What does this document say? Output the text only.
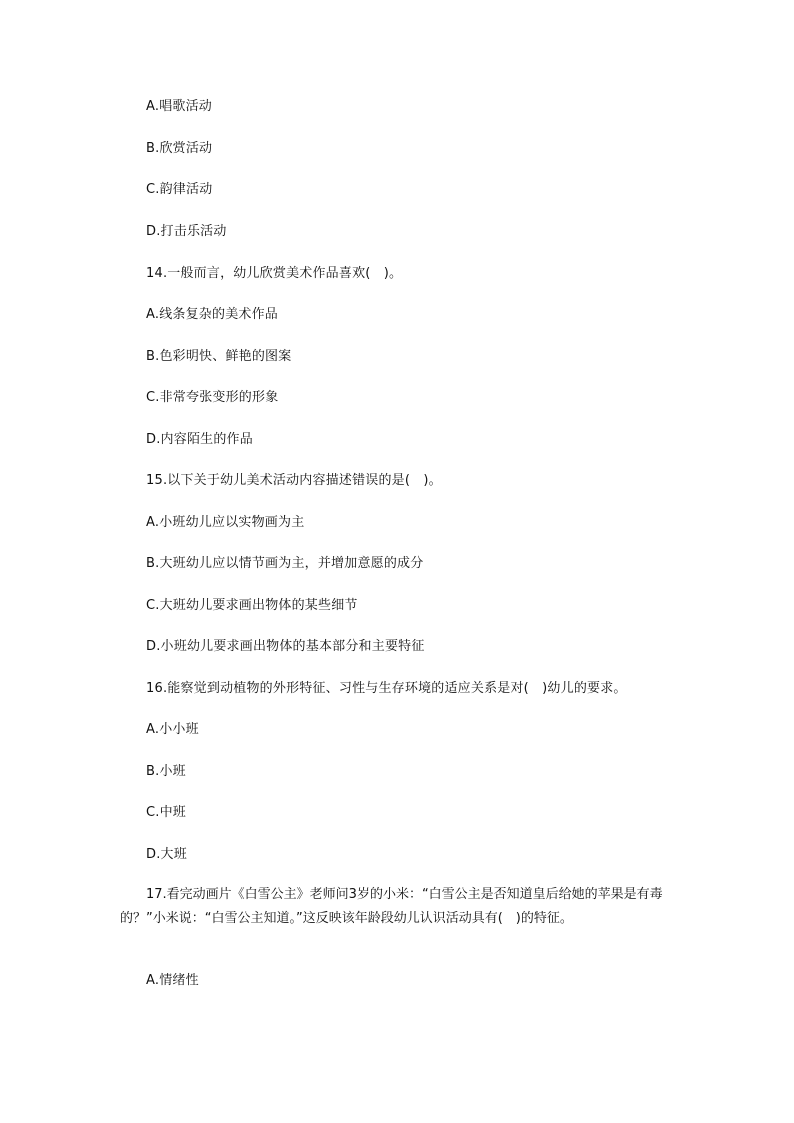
A.唱歌活动
B.欣赏活动
C.韵律活动
D.打击乐活动
14.一般而言，幼儿欣赏美术作品喜欢(　)。
A.线条复杂的美术作品
B.色彩明快、鲜艳的图案
C.非常夸张变形的形象
D.内容陌生的作品
15.以下关于幼儿美术活动内容描述错误的是(　)。
A.小班幼儿应以实物画为主
B.大班幼儿应以情节画为主，并增加意愿的成分
C.大班幼儿要求画出物体的某些细节
D.小班幼儿要求画出物体的基本部分和主要特征
16.能察觉到动植物的外形特征、习性与生存环境的适应关系是对(　)幼儿的要求。
A.小小班
B.小班
C.中班
D.大班
17.看完动画片《白雪公主》老师问3岁的小米：“白雪公主是否知道皇后给她的苹果是有毒的？”小米说：“白雪公主知道。”这反映该年龄段幼儿认识活动具有(　)的特征。
A.情绪性
